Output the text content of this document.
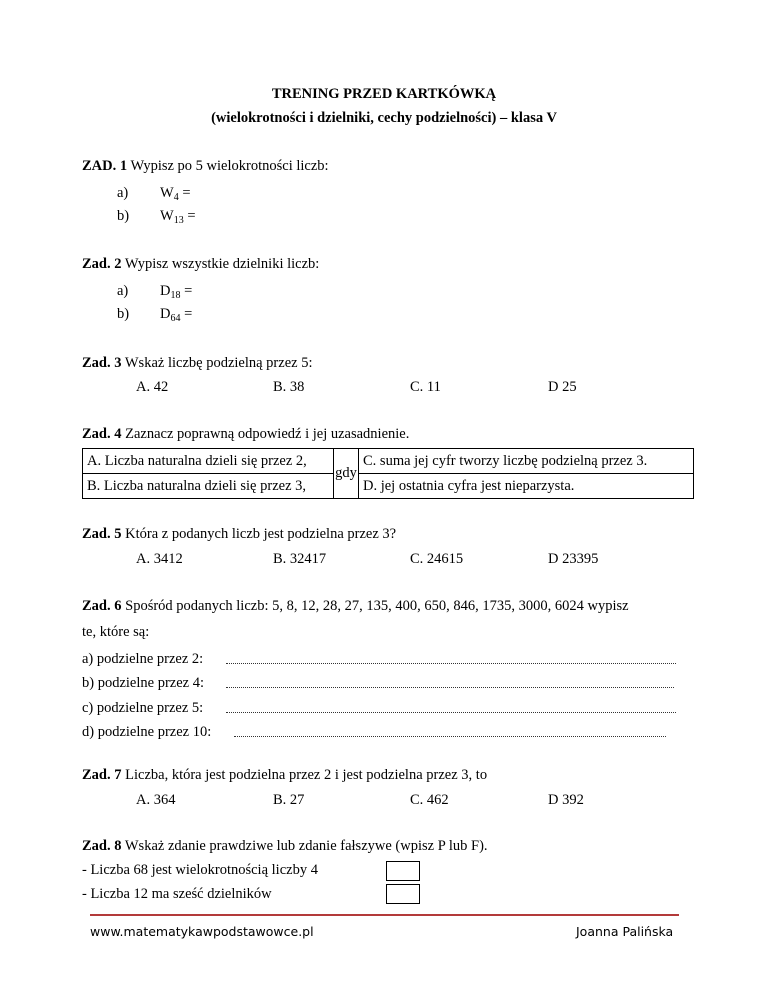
TRENING PRZED KARTKÓWKĄ
(wielokrotności i dzielniki, cechy podzielności) – klasa V
ZAD. 1 Wypisz po 5 wielokrotności liczb:
a) $W_4$ =
b) $W_{13}$ =
Zad. 2 Wypisz wszystkie dzielniki liczb:
a) $D_{18}$ =
b) $D_{64}$ =
Zad. 3 Wskaż liczbę podzielną przez 5:
A. 42	B. 38	C. 11	D 25
Zad. 4 Zaznacz poprawną odpowiedź i jej uzasadnienie.
A. Liczba naturalna dzieli się przez 2,	gdy	C. suma jej cyfr tworzy liczbę podzielną przez 3.
B. Liczba naturalna dzieli się przez 3,		D. jej ostatnia cyfra jest nieparzysta.
Zad. 5 Która z podanych liczb jest podzielna przez 3?
A. 3412	B. 32417	C. 24615	D 23395
Zad. 6 Spośród podanych liczb: 5, 8, 12, 28, 27, 135, 400, 650, 846, 1735, 3000, 6024 wypisz
te, które są:
a) podzielne przez 2:
b) podzielne przez 4:
c) podzielne przez 5:
d) podzielne przez 10:
Zad. 7 Liczba, która jest podzielna przez 2 i jest podzielna przez 3, to
A. 364	B. 27	C. 462	D 392
Zad. 8 Wskaż zdanie prawdziwe lub zdanie fałszywe (wpisz P lub F).
- Liczba 68 jest wielokrotnością liczby 4
- Liczba 12 ma sześć dzielników
www.matematykawpodstawowce.pl	Joanna Palińska
